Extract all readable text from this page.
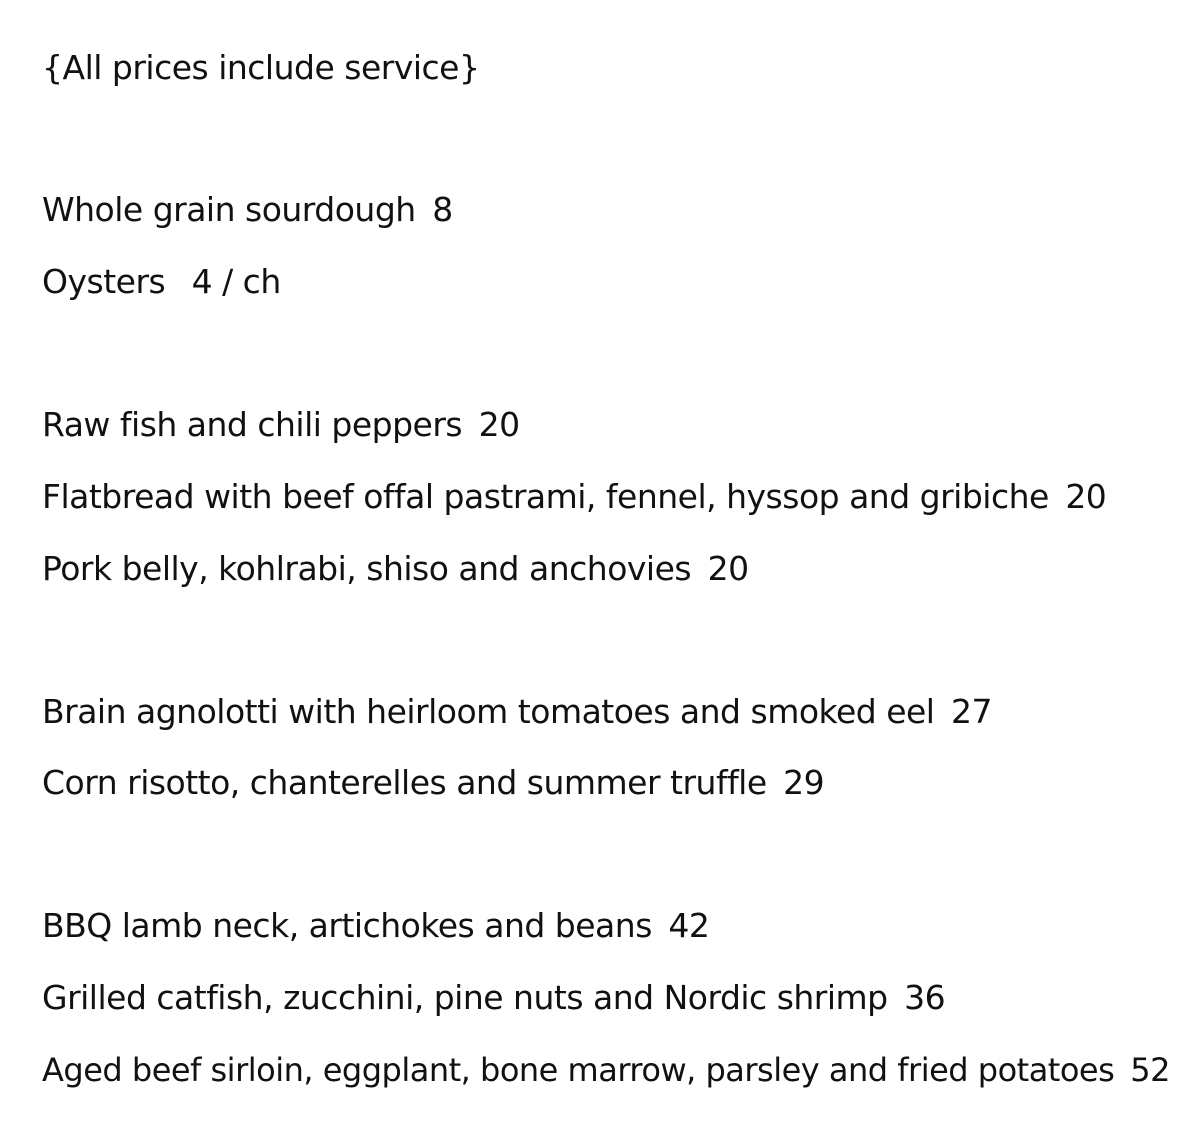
{All prices include service}
Whole grain sourdough 8
Oysters 4 / ch
Raw fish and chili peppers 20
Flatbread with beef offal pastrami, fennel, hyssop and gribiche 20
Pork belly, kohlrabi, shiso and anchovies 20
Brain agnolotti with heirloom tomatoes and smoked eel 27
Corn risotto, chanterelles and summer truffle 29
BBQ lamb neck, artichokes and beans 42
Grilled catfish, zucchini, pine nuts and Nordic shrimp 36
Aged beef sirloin, eggplant, bone marrow, parsley and fried potatoes 52
